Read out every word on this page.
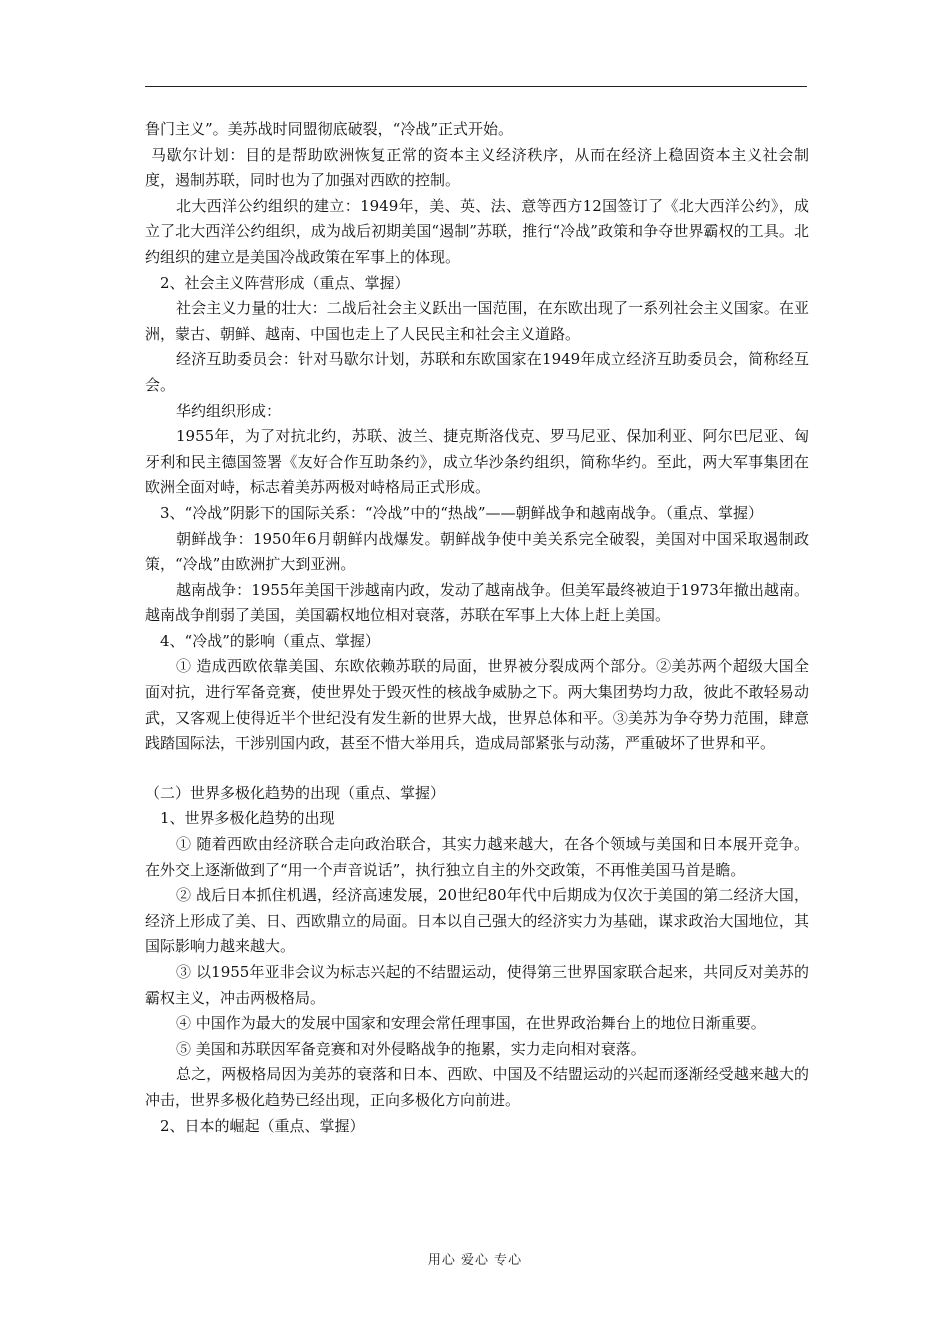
鲁门主义”。美苏战时同盟彻底破裂，“冷战”正式开始。

马歇尔计划：目的是帮助欧洲恢复正常的资本主义经济秩序，从而在经济上稳固资本主义社会制度，遏制苏联，同时也为了加强对西欧的控制。

北大西洋公约组织的建立：1949年，美、英、法、意等西方12国签订了《北大西洋公约》，成立了北大西洋公约组织，成为战后初期美国“遏制”苏联，推行“冷战”政策和争夺世界霸权的工具。北约组织的建立是美国冷战政策在军事上的体现。

2、社会主义阵营形成（重点、掌握）

社会主义力量的壮大：二战后社会主义跃出一国范围，在东欧出现了一系列社会主义国家。在亚洲，蒙古、朝鲜、越南、中国也走上了人民民主和社会主义道路。

经济互助委员会：针对马歇尔计划，苏联和东欧国家在1949年成立经济互助委员会，简称经互会。

华约组织形成：

1955年，为了对抗北约，苏联、波兰、捷克斯洛伐克、罗马尼亚、保加利亚、阿尔巴尼亚、匈牙利和民主德国签署《友好合作互助条约》，成立华沙条约组织，简称华约。至此，两大军事集团在欧洲全面对峙，标志着美苏两极对峙格局正式形成。

3、“冷战”阴影下的国际关系：“冷战”中的“热战”——朝鲜战争和越南战争。（重点、掌握）

朝鲜战争：1950年6月朝鲜内战爆发。朝鲜战争使中美关系完全破裂，美国对中国采取遏制政策，“冷战”由欧洲扩大到亚洲。

越南战争：1955年美国干涉越南内政，发动了越南战争。但美军最终被迫于1973年撤出越南。越南战争削弱了美国，美国霸权地位相对衰落，苏联在军事上大体上赶上美国。

4、“冷战”的影响（重点、掌握）

① 造成西欧依靠美国、东欧依赖苏联的局面，世界被分裂成两个部分。②美苏两个超级大国全面对抗，进行军备竞赛，使世界处于毁灭性的核战争威胁之下。两大集团势均力敌，彼此不敢轻易动武，又客观上使得近半个世纪没有发生新的世界大战，世界总体和平。③美苏为争夺势力范围，肆意践踏国际法，干涉别国内政，甚至不惜大举用兵，造成局部紧张与动荡，严重破坏了世界和平。

（二）世界多极化趋势的出现（重点、掌握）

1、世界多极化趋势的出现

① 随着西欧由经济联合走向政治联合，其实力越来越大，在各个领域与美国和日本展开竞争。在外交上逐渐做到了“用一个声音说话”，执行独立自主的外交政策，不再惟美国马首是瞻。

② 战后日本抓住机遇，经济高速发展，20世纪80年代中后期成为仅次于美国的第二经济大国，经济上形成了美、日、西欧鼎立的局面。日本以自己强大的经济实力为基础，谋求政治大国地位，其国际影响力越来越大。

③ 以1955年亚非会议为标志兴起的不结盟运动，使得第三世界国家联合起来，共同反对美苏的霸权主义，冲击两极格局。

④ 中国作为最大的发展中国家和安理会常任理事国，在世界政治舞台上的地位日渐重要。

⑤ 美国和苏联因军备竞赛和对外侵略战争的拖累，实力走向相对衰落。

总之，两极格局因为美苏的衰落和日本、西欧、中国及不结盟运动的兴起而逐渐经受越来越大的冲击，世界多极化趋势已经出现，正向多极化方向前进。

2、日本的崛起（重点、掌握）

用心 爱心 专心
